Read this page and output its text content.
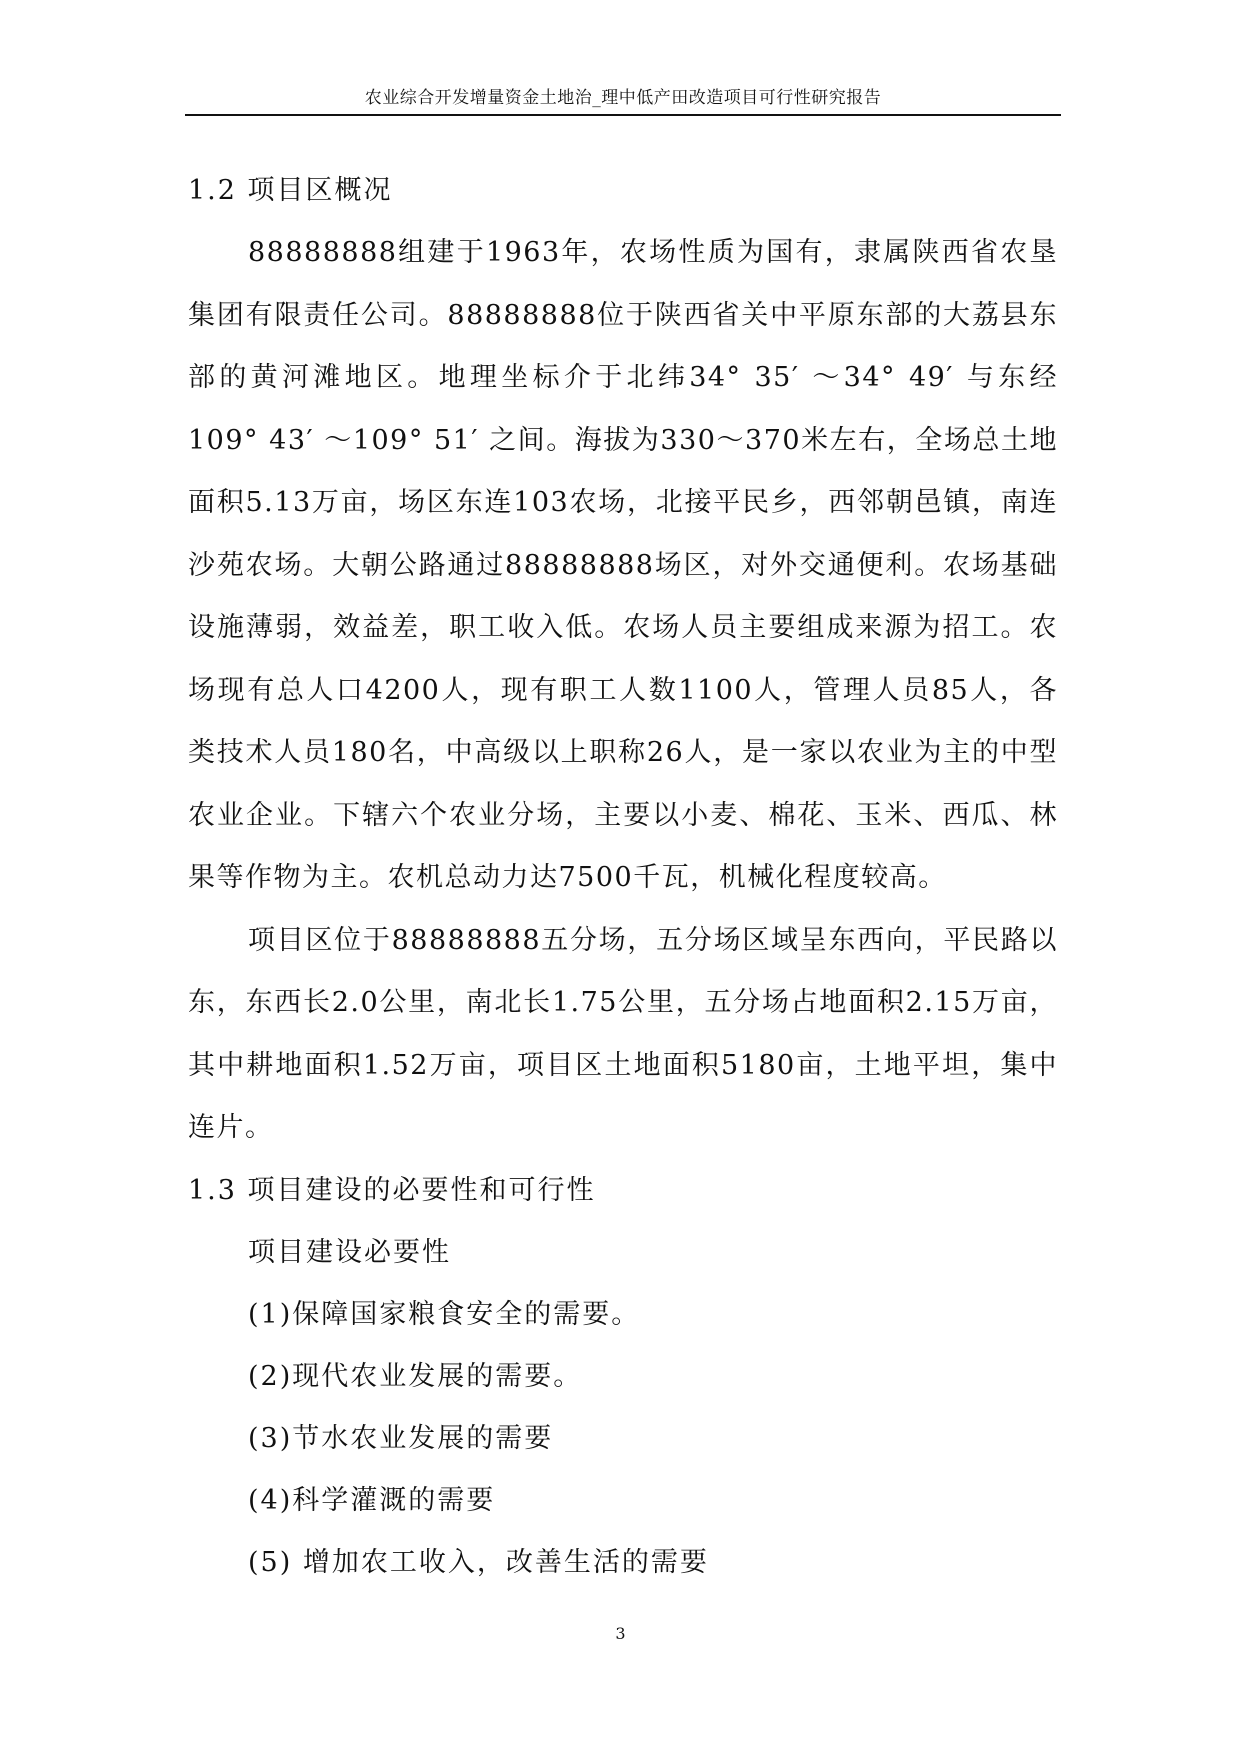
农业综合开发增量资金土地治_理中低产田改造项目可行性研究报告
1.2 项目区概况

88888888组建于1963年，农场性质为国有，隶属陕西省农垦集团有限责任公司。88888888位于陕西省关中平原东部的大荔县东部的黄河滩地区。地理坐标介于北纬34° 35′ ～34° 49′ 与东经109° 43′ ～109° 51′ 之间。海拔为330～370米左右，全场总土地面积5.13万亩，场区东连103农场，北接平民乡，西邻朝邑镇，南连沙苑农场。大朝公路通过88888888场区，对外交通便利。农场基础设施薄弱，效益差，职工收入低。农场人员主要组成来源为招工。农场现有总人口4200人，现有职工人数1100人，管理人员85人，各类技术人员180名，中高级以上职称26人，是一家以农业为主的中型农业企业。下辖六个农业分场，主要以小麦、棉花、玉米、西瓜、林果等作物为主。农机总动力达7500千瓦，机械化程度较高。

项目区位于88888888五分场，五分场区域呈东西向，平民路以东，东西长2.0公里，南北长1.75公里，五分场占地面积2.15万亩，其中耕地面积1.52万亩，项目区土地面积5180亩，土地平坦，集中连片。

1.3 项目建设的必要性和可行性
项目建设必要性
(1)保障国家粮食安全的需要。
(2)现代农业发展的需要。
(3)节水农业发展的需要
(4)科学灌溉的需要
(5) 增加农工收入，改善生活的需要
3
